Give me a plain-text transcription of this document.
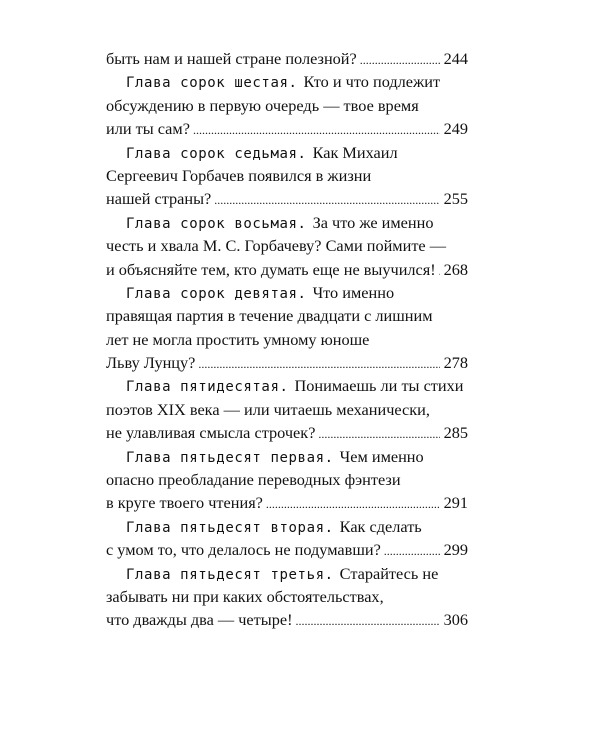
быть нам и нашей стране полезной? . . .	244
Глава сорок шестая. Кто и что подлежит
обсуждению в первую очередь — твое время
или ты сам? . . .	249
Глава сорок седьмая. Как Михаил
Сергеевич Горбачев появился в жизни
нашей страны? . . .	255
Глава сорок восьмая. За что же именно
честь и хвала М. С. Горбачеву? Сами поймите —
и объясняйте тем, кто думать еще не выучился! . . . 268
Глава сорок девятая. Что именно
правящая партия в течение двадцати с лишним
лет не могла простить умному юноше
Льву Лунцу? . . .	278
Глава пятидесятая. Понимаешь ли ты стихи
поэтов XIX века — или читаешь механически,
не улавливая смысла строчек? . . .	285
Глава пятьдесят первая. Чем именно
опасно преобладание переводных фэнтези
в круге твоего чтения? . . .	291
Глава пятьдесят вторая. Как сделать
с умом то, что делалось не подумавши? . . .	299
Глава пятьдесят третья. Старайтесь не
забывать ни при каких обстоятельствах,
что дважды два — четыре! . . .	306
